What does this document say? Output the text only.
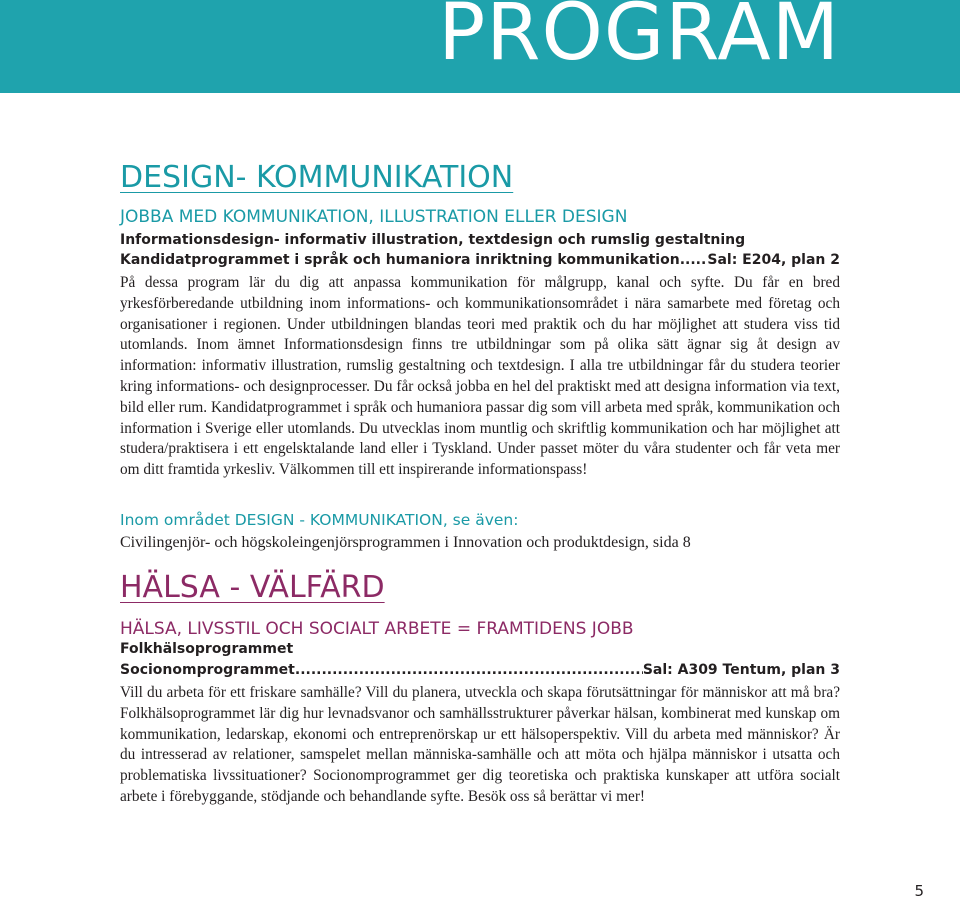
PROGRAM
DESIGN- KOMMUNIKATION
JOBBA MED KOMMUNIKATION, ILLUSTRATION ELLER DESIGN
Informationsdesign- informativ illustration, textdesign och rumslig gestaltning
Kandidatprogrammet i språk och humaniora inriktning kommunikation. ..... Sal: E204, plan 2

På dessa program lär du dig att anpassa kommunikation för målgrupp, kanal och syfte. Du får en bred yrkesförberedande utbildning inom informations- och kommunikationsområdet i nära samarbete med företag och organisationer i regionen. Under utbildningen blandas teori med praktik och du har möjlighet att studera viss tid utomlands. Inom ämnet Informationsdesign finns tre utbildningar som på olika sätt ägnar sig åt design av information: informativ illustration, rumslig gestaltning och textdesign. I alla tre utbildningar får du studera teorier kring informations- och designprocesser. Du får också jobba en hel del praktiskt med att designa information via text, bild eller rum. Kandidatprogrammet i språk och humaniora passar dig som vill arbeta med språk, kommunikation och information i Sverige eller utomlands. Du utvecklas inom muntlig och skriftlig kommunikation och har möjlighet att studera/praktisera i ett engelsktalande land eller i Tyskland. Under passet möter du våra studenter och får veta mer om ditt framtida yrkesliv. Välkommen till ett inspirerande informationspass!

Inom området DESIGN - KOMMUNIKATION, se även:
Civilingenjör- och högskoleingenjörsprogrammen i Innovation och produktdesign, sida 8
HÄLSA - VÄLFÄRD
HÄLSA, LIVSSTIL OCH SOCIALT ARBETE = FRAMTIDENS JOBB
Folkhälsoprogrammet
Socionomprogrammet .....	Sal: A309 Tentum, plan 3

Vill du arbeta för ett friskare samhälle? Vill du planera, utveckla och skapa förutsättningar för människor att må bra? Folkhälsoprogrammet lär dig hur levnadsvanor och samhällsstrukturer påverkar hälsan, kombinerat med kunskap om kommunikation, ledarskap, ekonomi och entreprenörskap ur ett hälsoperspektiv. Vill du arbeta med människor? Är du intresserad av relationer, samspelet mellan människa-samhälle och att möta och hjälpa människor i utsatta och problematiska livssituationer? Socionomprogrammet ger dig teoretiska och praktiska kunskaper att utföra socialt arbete i förebyggande, stödjande och behandlande syfte. Besök oss så berättar vi mer!

5
